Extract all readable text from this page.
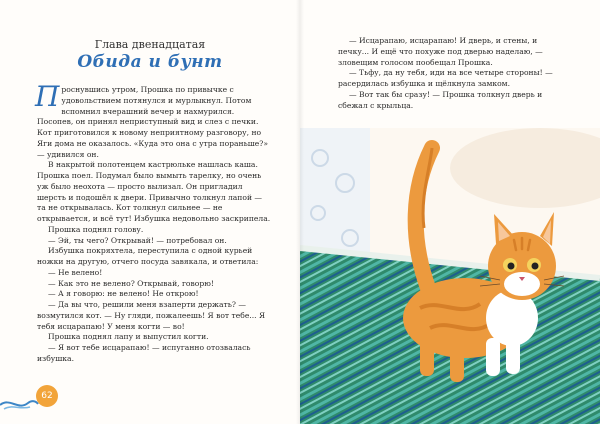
Глава двенадцатая
Обида и бунт

Проснувшись утром, Прошка по привычке с удовольствием потянулся и мурлыкнул. Потом вспомнил вчерашний вечер и нахмурился. Посопев, он принял неприступный вид и слез с печки. Кот приготовился к новому неприятному разговору, но Яги дома не оказалось. «Куда это она с утра пораньше?» — удивился он.

В накрытой полотенцем кастрюльке нашлась каша. Прошка поел. Подумал было вымыть тарелку, но очень уж было неохота — просто вылизал. Он пригладил шерсть и подошёл к двери. Привычно толкнул лапой — та не открывалась. Кот толкнул сильнее — не открывается, и всё тут! Избушка недовольно заскрипела.

Прошка поднял голову.

— Эй, ты чего? Открывай! — потребовал он.

Избушка покряхтела, переступила с одной курьей ножки на другую, отчего посуда завякала, и ответила:

— Не велено!

— Как это не велено? Открывай, говорю!

— А я говорю: не велено! Не открою!

— Да вы что, решили меня взаперти держать? — возмутился кот. — Ну гляди, пожалеешь! Я вот тебе... Я тебя исцарапаю! У меня когти — во!

Прошка поднял лапу и выпустил когти.

— Я вот тебе исцарапаю! — испуганно отозвалась избушка.

62

— Исцарапаю, исцарапаю! И дверь, и стены, и печку... И ещё что похуже под дверью наделаю, — зловещим голосом пообещал Прошка.

— Тьфу, да ну тебя, иди на все четыре стороны! — расердилась избушка и щёлкнула замком.

— Вот так бы сразу! — Прошка толкнул дверь и сбежал с крыльца.
